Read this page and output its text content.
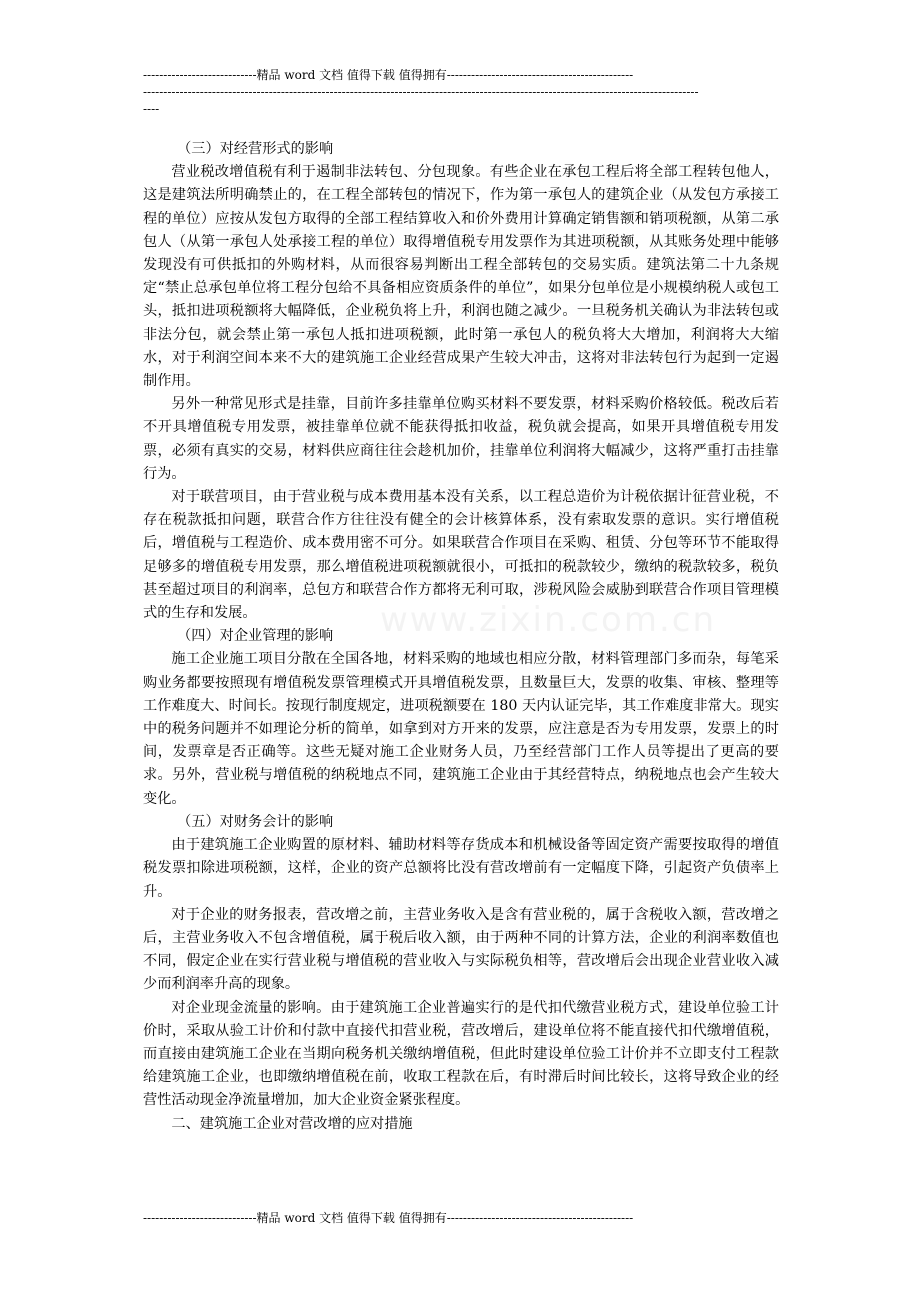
----------------------------精品 word 文档 值得下载 值得拥有----------------------------------------------
-----------------------------------------------------------------------------------------------------------------------------------------
----

（三）对经营形式的影响

营业税改增值税有利于遏制非法转包、分包现象。有些企业在承包工程后将全部工程转包他人，这是建筑法所明确禁止的，在工程全部转包的情况下，作为第一承包人的建筑企业（从发包方承接工程的单位）应按从发包方取得的全部工程结算收入和价外费用计算确定销售额和销项税额，从第二承包人（从第一承包人处承接工程的单位）取得增值税专用发票作为其进项税额，从其账务处理中能够发现没有可供抵扣的外购材料，从而很容易判断出工程全部转包的交易实质。建筑法第二十九条规定“禁止总承包单位将工程分包给不具备相应资质条件的单位”，如果分包单位是小规模纳税人或包工头，抵扣进项税额将大幅降低，企业税负将上升，利润也随之减少。一旦税务机关确认为非法转包或非法分包，就会禁止第一承包人抵扣进项税额，此时第一承包人的税负将大大增加，利润将大大缩水，对于利润空间本来不大的建筑施工企业经营成果产生较大冲击，这将对非法转包行为起到一定遏制作用。

另外一种常见形式是挂靠，目前许多挂靠单位购买材料不要发票，材料采购价格较低。税改后若不开具增值税专用发票，被挂靠单位就不能获得抵扣收益，税负就会提高，如果开具增值税专用发票，必须有真实的交易，材料供应商往往会趁机加价，挂靠单位利润将大幅减少，这将严重打击挂靠行为。

对于联营项目，由于营业税与成本费用基本没有关系，以工程总造价为计税依据计征营业税，不存在税款抵扣问题，联营合作方往往没有健全的会计核算体系，没有索取发票的意识。实行增值税后，增值税与工程造价、成本费用密不可分。如果联营合作项目在采购、租赁、分包等环节不能取得足够多的增值税专用发票，那么增值税进项税额就很小，可抵扣的税款较少，缴纳的税款较多，税负甚至超过项目的利润率，总包方和联营合作方都将无利可取，涉税风险会威胁到联营合作项目管理模式的生存和发展。

（四）对企业管理的影响

施工企业施工项目分散在全国各地，材料采购的地域也相应分散，材料管理部门多而杂，每笔采购业务都要按照现有增值税发票管理模式开具增值税发票，且数量巨大，发票的收集、审核、整理等工作难度大、时间长。按现行制度规定，进项税额要在 180 天内认证完毕，其工作难度非常大。现实中的税务问题并不如理论分析的简单，如拿到对方开来的发票，应注意是否为专用发票，发票上的时间，发票章是否正确等。这些无疑对施工企业财务人员，乃至经营部门工作人员等提出了更高的要求。另外，营业税与增值税的纳税地点不同，建筑施工企业由于其经营特点，纳税地点也会产生较大变化。

（五）对财务会计的影响

由于建筑施工企业购置的原材料、辅助材料等存货成本和机械设备等固定资产需要按取得的增值税发票扣除进项税额，这样，企业的资产总额将比没有营改增前有一定幅度下降，引起资产负债率上升。

对于企业的财务报表，营改增之前，主营业务收入是含有营业税的，属于含税收入额，营改增之后，主营业务收入不包含增值税，属于税后收入额，由于两种不同的计算方法，企业的利润率数值也不同，假定企业在实行营业税与增值税的营业收入与实际税负相等，营改增后会出现企业营业收入减少而利润率升高的现象。

对企业现金流量的影响。由于建筑施工企业普遍实行的是代扣代缴营业税方式，建设单位验工计价时，采取从验工计价和付款中直接代扣营业税，营改增后，建设单位将不能直接代扣代缴增值税，而直接由建筑施工企业在当期向税务机关缴纳增值税，但此时建设单位验工计价并不立即支付工程款给建筑施工企业，也即缴纳增值税在前，收取工程款在后，有时滞后时间比较长，这将导致企业的经营性活动现金净流量增加，加大企业资金紧张程度。

二、建筑施工企业对营改增的应对措施

www.zixin.com.cn
----------------------------精品 word 文档 值得下载 值得拥有----------------------------------------------
